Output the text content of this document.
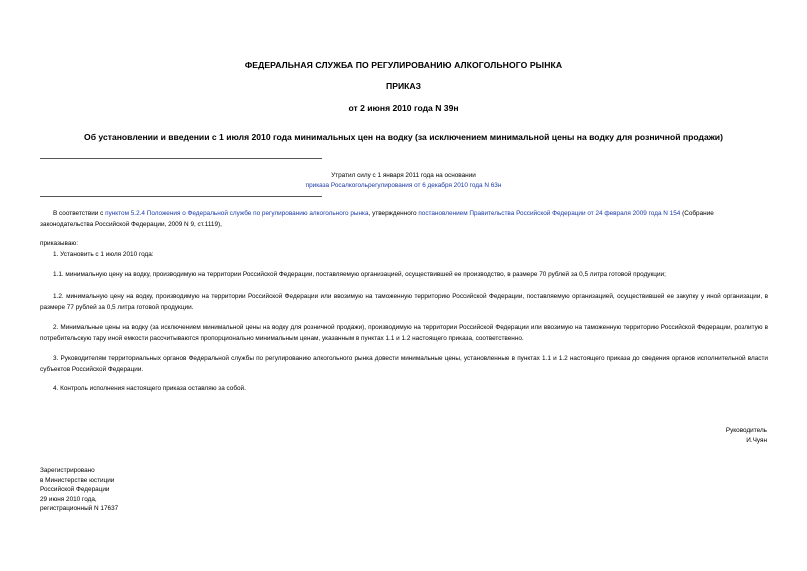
ФЕДЕРАЛЬНАЯ СЛУЖБА ПО РЕГУЛИРОВАНИЮ АЛКОГОЛЬНОГО РЫНКА
ПРИКАЗ
от 2 июня 2010 года N 39н
Об установлении и введении с 1 июля 2010 года минимальных цен на водку (за исключением минимальной цены на водку для розничной продажи)
Утратил силу с 1 января 2011 года на основании
приказа Росалкогольрегулирования от 6 декабря 2010 года N 63н
В соответствии с пунктом 5.2.4 Положения о Федеральной службе по регулированию алкогольного рынка, утвержденного постановлением Правительства Российской Федерации от 24 февраля 2009 года N 154 (Собрание законодательства Российской Федерации, 2009 N 9, ст.1119),
приказываю:
1. Установить с 1 июля 2010 года:
1.1. минимальную цену на водку, производимую на территории Российской Федерации, поставляемую организацией, осуществившей ее производство, в размере 70 рублей за 0,5 литра готовой продукции;
1.2. минимальную цену на водку, производимую на территории Российской Федерации или ввозимую на таможенную территорию Российской Федерации, поставляемую организацией, осуществившей ее закупку у иной организации, в размере 77 рублей за 0,5 литра готовой продукции.
2. Минимальные цены на водку (за исключением минимальной цены на водку для розничной продажи), производимую на территории Российской Федерации или ввозимую на таможенную территорию Российской Федерации, розлитую в потребительскую тару иной емкости рассчитываются пропорционально минимальным ценам, указанным в пунктах 1.1 и 1.2 настоящего приказа, соответственно.
3. Руководителям территориальных органов Федеральной службы по регулированию алкогольного рынка довести минимальные цены, установленные в пунктах 1.1 и 1.2 настоящего приказа до сведения органов исполнительной власти субъектов Российской Федерации.
4. Контроль исполнения настоящего приказа оставляю за собой.
Руководитель
И.Чуян
Зарегистрировано
в Министерстве юстиции
Российской Федерации
29 июня 2010 года,
регистрационный N 17637
